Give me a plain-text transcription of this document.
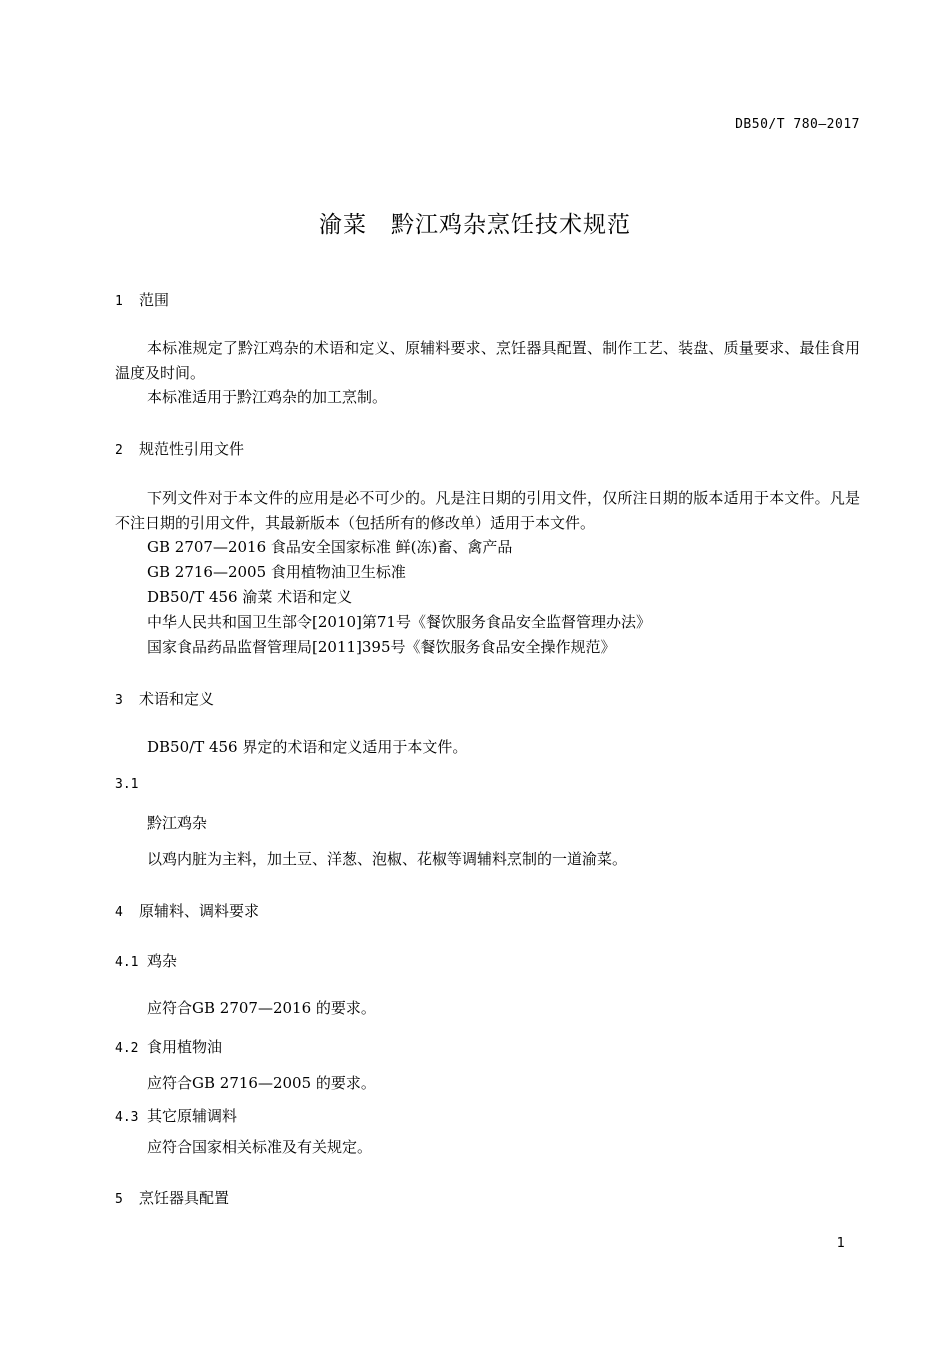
DB50/T 780—2017
渝菜　黔江鸡杂烹饪技术规范
1 范围
本标准规定了黔江鸡杂的术语和定义、原辅料要求、烹饪器具配置、制作工艺、装盘、质量要求、最佳食用温度及时间。
本标准适用于黔江鸡杂的加工烹制。
2 规范性引用文件
下列文件对于本文件的应用是必不可少的。凡是注日期的引用文件，仅所注日期的版本适用于本文件。凡是不注日期的引用文件，其最新版本（包括所有的修改单）适用于本文件。
GB 2707—2016 食品安全国家标准 鲜(冻)畜、禽产品
GB 2716—2005 食用植物油卫生标准
DB50/T 456 渝菜 术语和定义
中华人民共和国卫生部令[2010]第71号《餐饮服务食品安全监督管理办法》
国家食品药品监督管理局[2011]395号《餐饮服务食品安全操作规范》
3 术语和定义
DB50/T 456 界定的术语和定义适用于本文件。
3.1
黔江鸡杂
以鸡内脏为主料，加土豆、洋葱、泡椒、花椒等调辅料烹制的一道渝菜。
4 原辅料、调料要求
4.1 鸡杂
应符合GB 2707—2016 的要求。
4.2 食用植物油
应符合GB 2716—2005 的要求。
4.3 其它原辅调料
应符合国家相关标准及有关规定。
5 烹饪器具配置
1
